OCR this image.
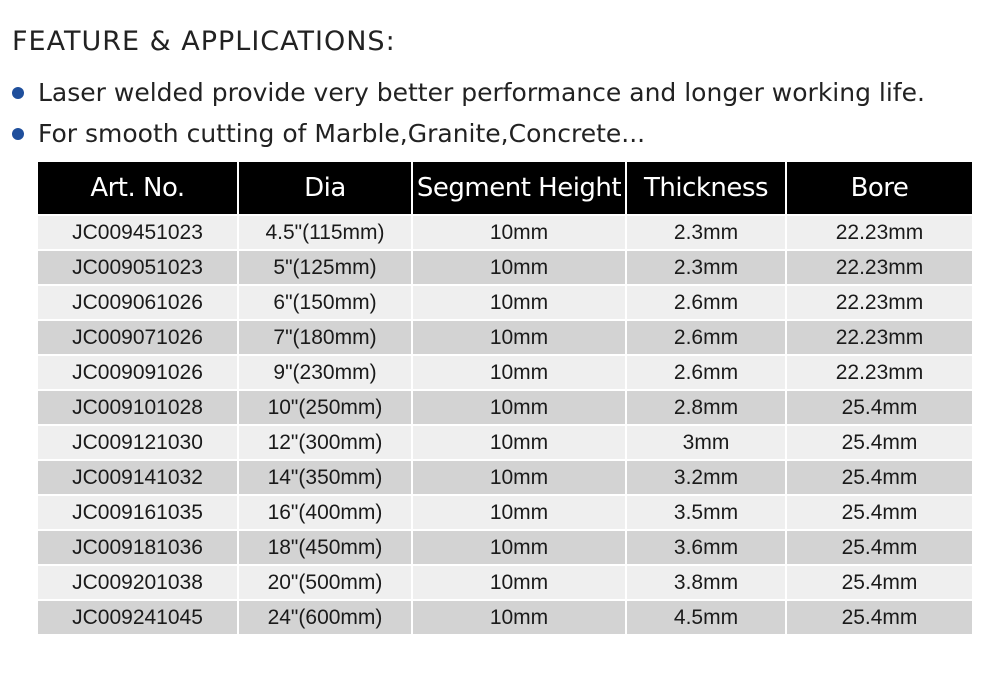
FEATURE & APPLICATIONS:
Laser welded provide very better performance and longer working life.
For smooth cutting of Marble,Granite,Concrete...
Art. No.	Dia	Segment Height	Thickness	Bore
JC009451023	4.5"(115mm)	10mm	2.3mm	22.23mm
JC009051023	5"(125mm)	10mm	2.3mm	22.23mm
JC009061026	6"(150mm)	10mm	2.6mm	22.23mm
JC009071026	7"(180mm)	10mm	2.6mm	22.23mm
JC009091026	9"(230mm)	10mm	2.6mm	22.23mm
JC009101028	10"(250mm)	10mm	2.8mm	25.4mm
JC009121030	12"(300mm)	10mm	3mm	25.4mm
JC009141032	14"(350mm)	10mm	3.2mm	25.4mm
JC009161035	16"(400mm)	10mm	3.5mm	25.4mm
JC009181036	18"(450mm)	10mm	3.6mm	25.4mm
JC009201038	20"(500mm)	10mm	3.8mm	25.4mm
JC009241045	24"(600mm)	10mm	4.5mm	25.4mm
